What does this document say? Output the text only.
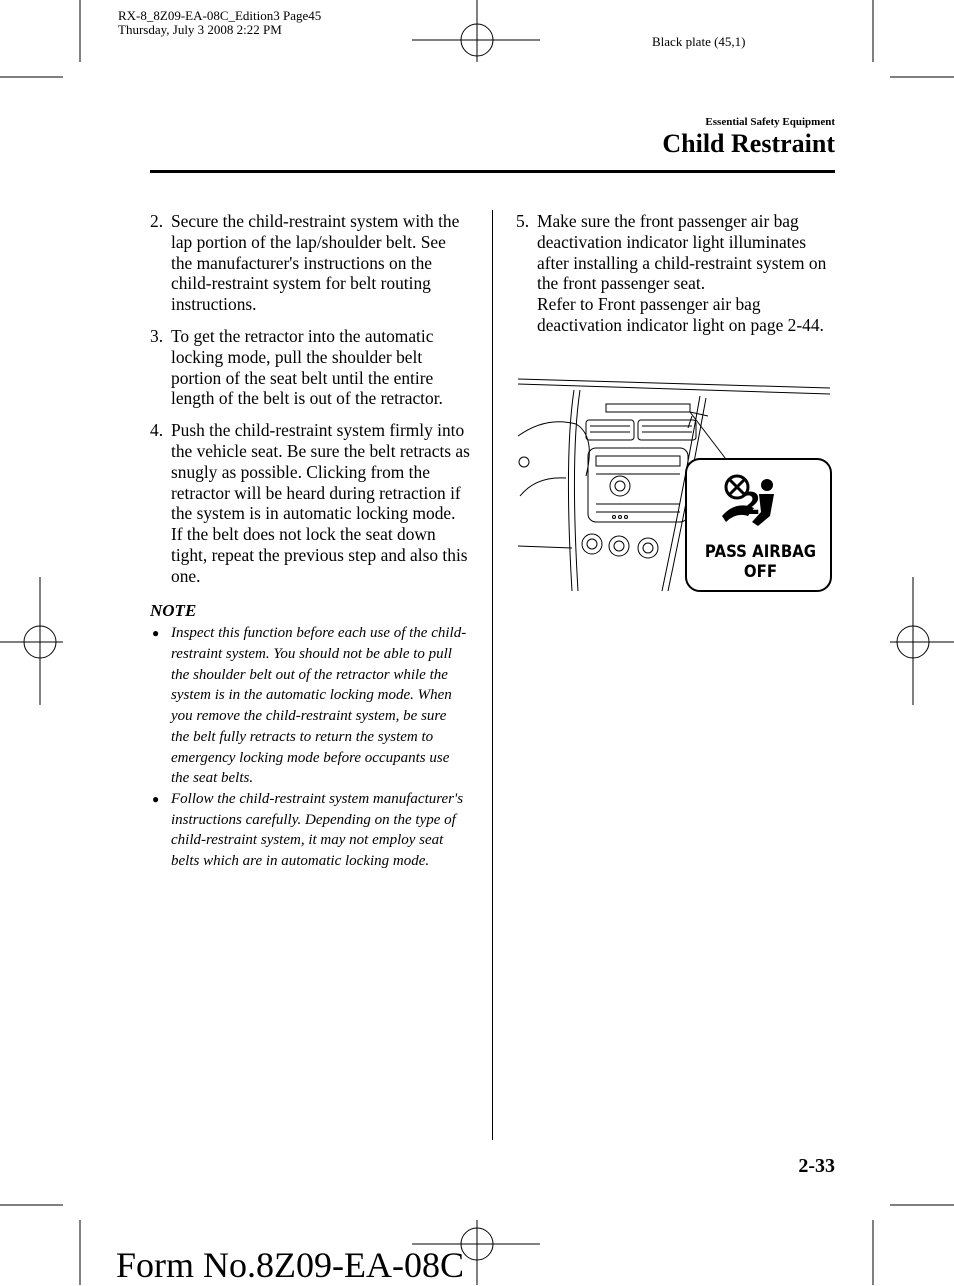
RX-8_8Z09-EA-08C_Edition3 Page45
Thursday, July 3 2008 2:22 PM
Black plate (45,1)
Essential Safety Equipment
Child Restraint

2. Secure the child-restraint system with the lap portion of the lap/shoulder belt. See the manufacturer's instructions on the child-restraint system for belt routing instructions.

3. To get the retractor into the automatic locking mode, pull the shoulder belt portion of the seat belt until the entire length of the belt is out of the retractor.

4. Push the child-restraint system firmly into the vehicle seat. Be sure the belt retracts as snugly as possible. Clicking from the retractor will be heard during retraction if the system is in automatic locking mode. If the belt does not lock the seat down tight, repeat the previous step and also this one.

NOTE
● Inspect this function before each use of the child-restraint system. You should not be able to pull the shoulder belt out of the retractor while the system is in the automatic locking mode. When you remove the child-restraint system, be sure the belt fully retracts to return the system to emergency locking mode before occupants use the seat belts.
● Follow the child-restraint system manufacturer's instructions carefully. Depending on the type of child-restraint system, it may not employ seat belts which are in automatic locking mode.
5. Make sure the front passenger air bag deactivation indicator light illuminates after installing a child-restraint system on the front passenger seat.
Refer to Front passenger air bag deactivation indicator light on page 2-44.
2
PASS AIRBAG
OFF
2-33
Form No.8Z09-EA-08C
